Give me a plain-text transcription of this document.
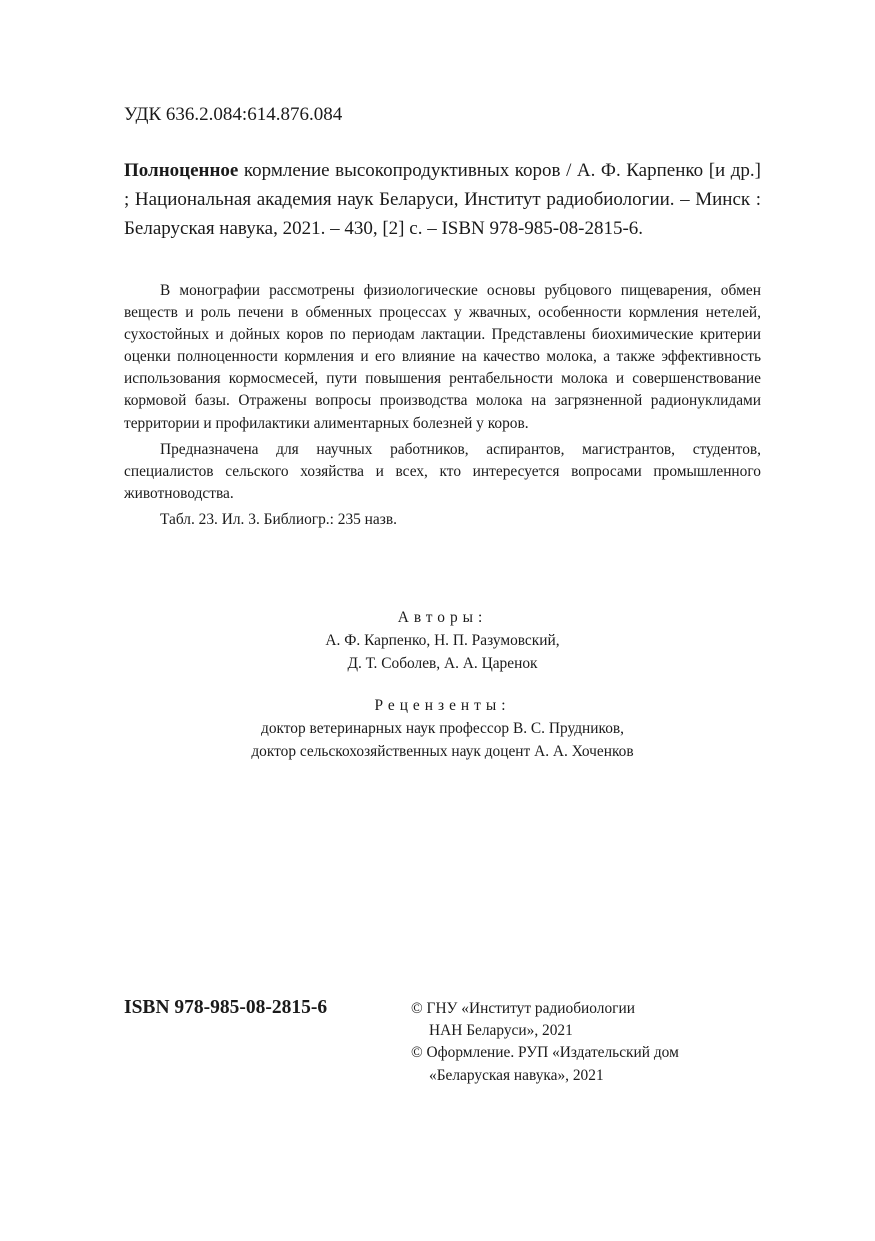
УДК 636.2.084:614.876.084
Полноценное кормление высокопродуктивных коров / А. Ф. Карпенко [и др.] ; Национальная академия наук Беларуси, Институт радиобиологии. – Минск : Беларуская навука, 2021. – 430, [2] с. – ISBN 978-985-08-2815-6.

В монографии рассмотрены физиологические основы рубцового пищеварения, обмен веществ и роль печени в обменных процессах у жвачных, особенности кормления нетелей, сухостойных и дойных коров по периодам лактации. Представлены биохимические критерии оценки полноценности кормления и его влияние на качество молока, а также эффективность использования кормосмесей, пути повышения рентабельности молока и совершенствование кормовой базы. Отражены вопросы производства молока на загрязненной радионуклидами территории и профилактики алиментарных болезней у коров.

Предназначена для научных работников, аспирантов, магистрантов, студентов, специалистов сельского хозяйства и всех, кто интересуется вопросами промышленного животноводства.

Табл. 23. Ил. 3. Библиогр.: 235 назв.

Авторы:
А. Ф. Карпенко, Н. П. Разумовский,
Д. Т. Соболев, А. А. Царенок
Рецензенты:
доктор ветеринарных наук профессор В. С. Прудников,
доктор сельскохозяйственных наук доцент А. А. Хоченков
ISBN 978-985-08-2815-6	© ГНУ «Институт радиобиологии
НАН Беларуси», 2021
© Оформление. РУП «Издательский дом
«Беларуская навука», 2021
